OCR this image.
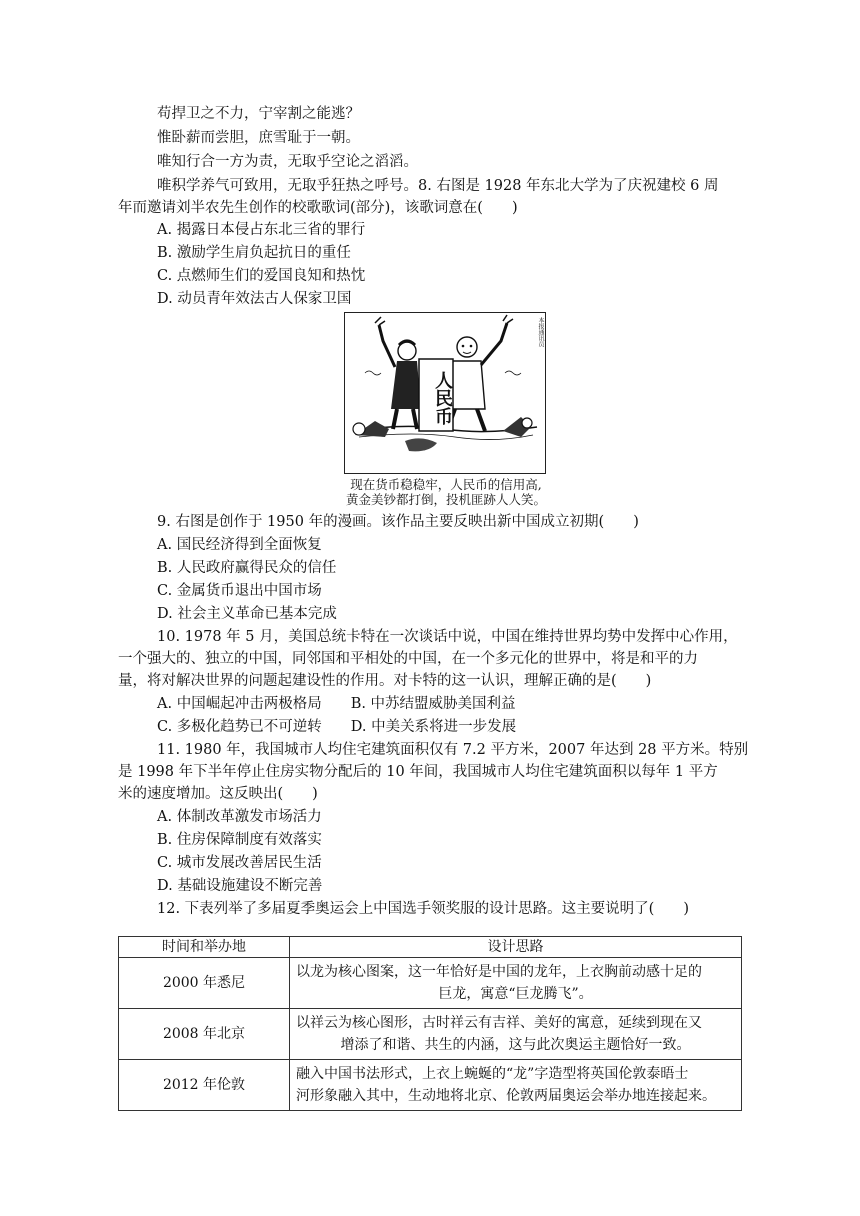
苟捍卫之不力，宁宰割之能逃？
惟卧薪而尝胆，庶雪耻于一朝。
唯知行合一方为责，无取乎空论之滔滔。
唯积学养气可致用，无取乎狂热之呼号。8. 右图是 1928 年东北大学为了庆祝建校 6 周
年而邀请刘半农先生创作的校歌歌词(部分)，该歌词意在(　　)
A. 揭露日本侵占东北三省的罪行
B. 激励学生肩负起抗日的重任
C. 点燃师生们的爱国良知和热忱
D. 动员青年效法古人保家卫国
人民币
本报通讯员
现在货币稳稳牢，人民币的信用高,
黄金美钞都打倒，投机匪跡人人笑。
9. 右图是创作于 1950 年的漫画。该作品主要反映出新中国成立初期(　　)
A. 国民经济得到全面恢复
B. 人民政府赢得民众的信任
C. 金属货币退出中国市场
D. 社会主义革命已基本完成
10. 1978 年 5 月，美国总统卡特在一次谈话中说，中国在维持世界均势中发挥中心作用，
一个强大的、独立的中国，同邻国和平相处的中国，在一个多元化的世界中，将是和平的力
量，将对解决世界的问题起建设性的作用。对卡特的这一认识，理解正确的是(　　)
A. 中国崛起冲击两极格局　　B. 中苏结盟威胁美国利益
C. 多极化趋势已不可逆转　　D. 中美关系将进一步发展
11. 1980 年，我国城市人均住宅建筑面积仅有 7.2 平方米，2007 年达到 28 平方米。特别
是 1998 年下半年停止住房实物分配后的 10 年间，我国城市人均住宅建筑面积以每年 1 平方
米的速度增加。这反映出(　　)
A. 体制改革激发市场活力
B. 住房保障制度有效落实
C. 城市发展改善居民生活
D. 基础设施建设不断完善
12. 下表列举了多届夏季奥运会上中国选手领奖服的设计思路。这主要说明了(　　)
时间和举办地	设计思路
2000 年悉尼	以龙为核心图案，这一年恰好是中国的龙年，上衣胸前动感十足的
巨龙，寓意“巨龙腾飞”。

2008 年北京	以祥云为核心图形，古时祥云有吉祥、美好的寓意，延续到现在又
增添了和谐、共生的内涵，这与此次奥运主题恰好一致。

2012 年伦敦	融入中国书法形式，上衣上蜿蜒的“龙”字造型将英国伦敦泰晤士
河形象融入其中，生动地将北京、伦敦两届奥运会举办地连接起来。
